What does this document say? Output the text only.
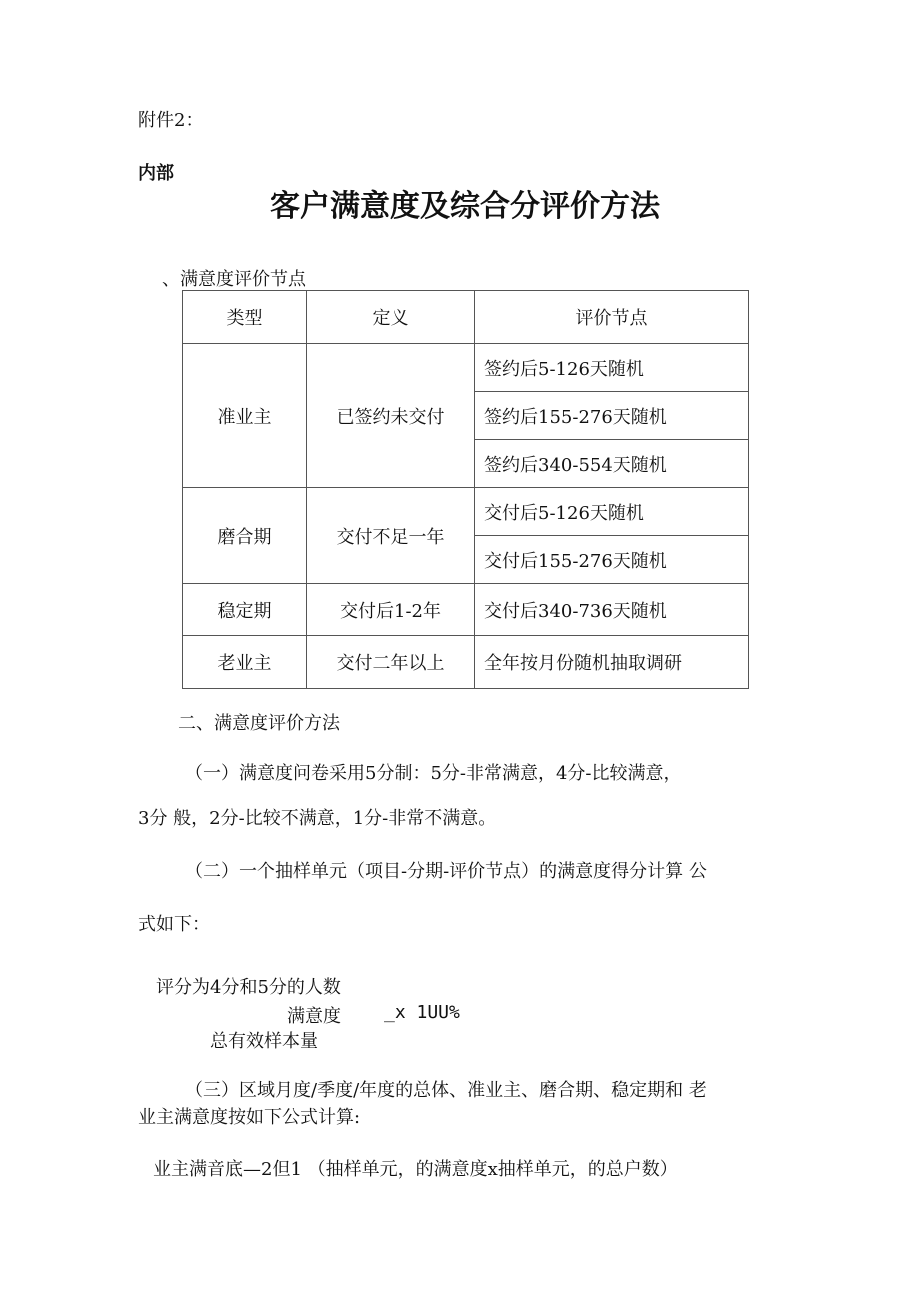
附件2：
内部
客户满意度及综合分评价方法
、满意度评价节点
类型	定义	评价节点
准业主	已签约未交付	签约后5-126天随机
		签约后155-276天随机
		签约后340-554天随机
磨合期	交付不足一年	交付后5-126天随机
		交付后155-276天随机
稳定期	交付后1-2年	交付后340-736天随机
老业主	交付二年以上	全年按月份随机抽取调研
二、满意度评价方法
（一）满意度问卷采用5分制：5分-非常满意，4分-比较满意，
3分 般，2分-比较不满意，1分-非常不满意。
（二）一个抽样单元（项目-分期-评价节点）的满意度得分计算 公
式如下：
评分为4分和5分的人数
满意度 _x 1UU%
总有效样本量
（三）区域月度/季度/年度的总体、准业主、磨合期、稳定期和 老
业主满意度按如下公式计算:
业主满音底—2但1 （抽样单元，的满意度x抽样单元，的总户数）
